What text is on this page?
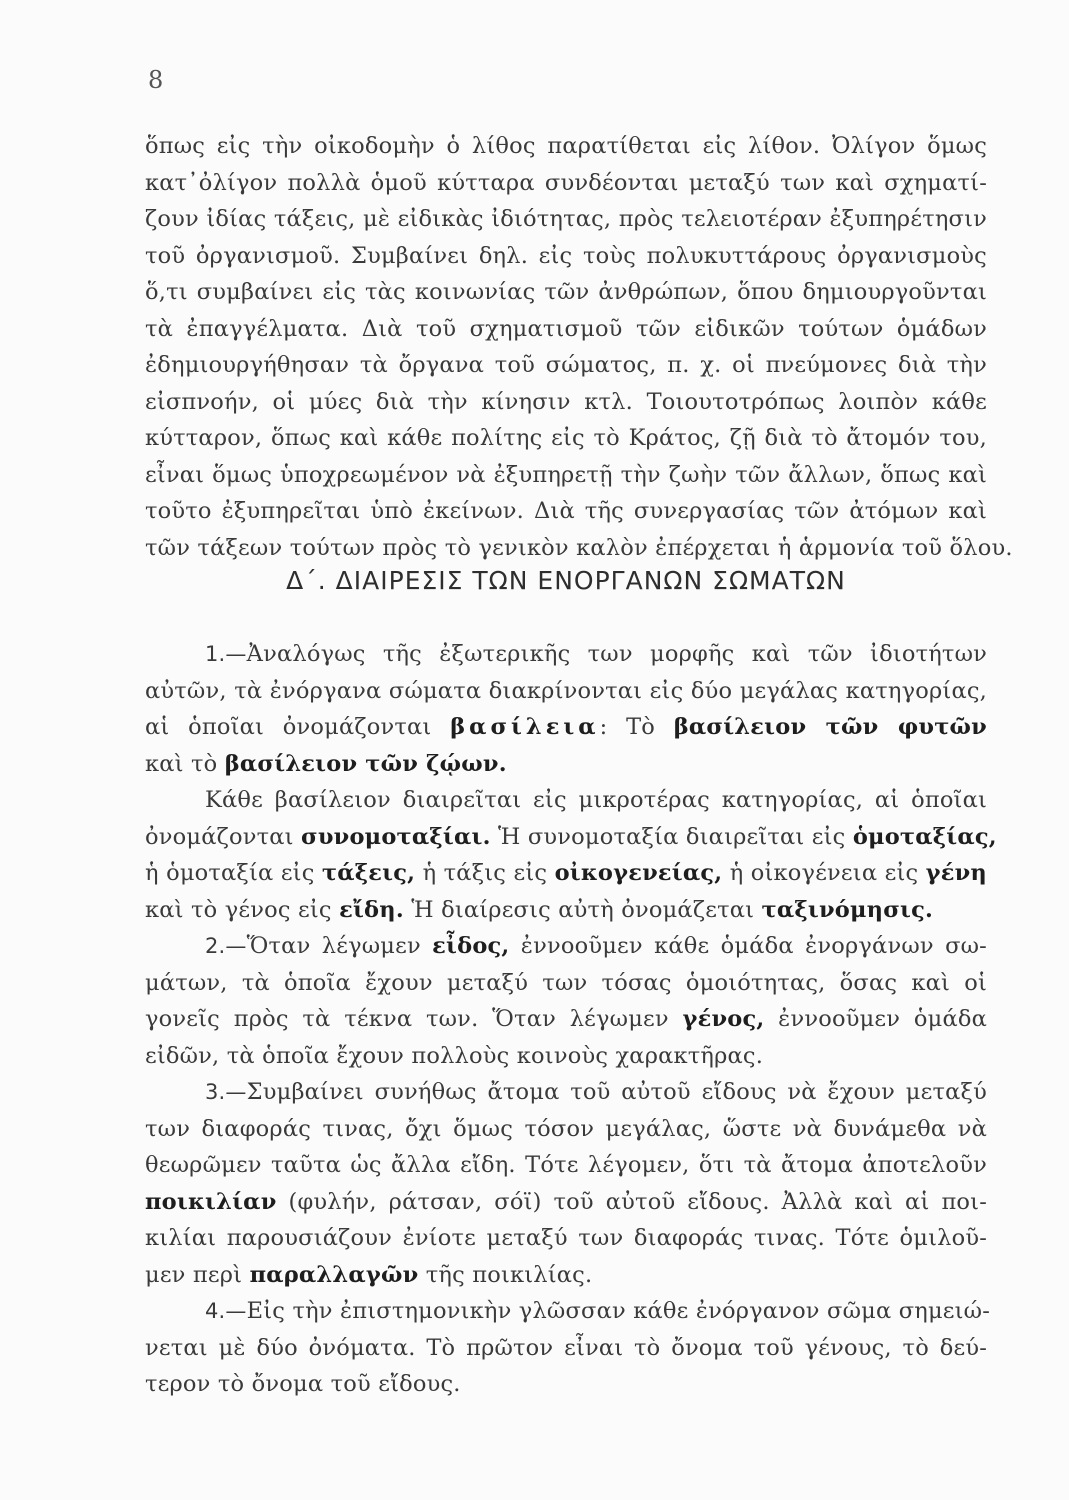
8
ὅπως εἰς τὴν οἰκοδομὴν ὁ λίθος παρατίθεται εἰς λίθον. Ὀλίγον ὅμως
κατ᾽ὀλίγον πολλὰ ὁμοῦ κύτταρα συνδέονται μεταξύ των καὶ σχηματί-
ζουν ἰδίας τάξεις, μὲ εἰδικὰς ἰδιότητας, πρὸς τελειοτέραν ἐξυπηρέτησιν
τοῦ ὀργανισμοῦ. Συμβαίνει δηλ. εἰς τοὺς πολυκυττάρους ὀργανισμοὺς
ὅ,τι συμβαίνει εἰς τὰς κοινωνίας τῶν ἀνθρώπων, ὅπου δημιουργοῦνται
τὰ ἐπαγγέλματα. Διὰ τοῦ σχηματισμοῦ τῶν εἰδικῶν τούτων ὁμάδων
ἐδημιουργήθησαν τὰ ὄργανα τοῦ σώματος, π. χ. οἱ πνεύμονες διὰ τὴν
εἰσπνοήν, οἱ μύες διὰ τὴν κίνησιν κτλ. Τοιουτοτρόπως λοιπὸν κάθε
κύτταρον, ὅπως καὶ κάθε πολίτης εἰς τὸ Κράτος, ζῇ διὰ τὸ ἄτομόν του,
εἶναι ὅμως ὑποχρεωμένον νὰ ἐξυπηρετῇ τὴν ζωὴν τῶν ἄλλων, ὅπως καὶ
τοῦτο ἐξυπηρεῖται ὑπὸ ἐκείνων. Διὰ τῆς συνεργασίας τῶν ἀτόμων καὶ
τῶν τάξεων τούτων πρὸς τὸ γενικὸν καλὸν ἐπέρχεται ἡ ἁρμονία τοῦ ὅλου.
Δ΄. ΔΙΑΙΡΕΣΙΣ ΤΩΝ ΕΝΟΡΓΑΝΩΝ ΣΩΜΑΤΩΝ
1.—Ἀναλόγως τῆς ἐξωτερικῆς των μορφῆς καὶ τῶν ἰδιοτήτων
αὐτῶν, τὰ ἐνόργανα σώματα διακρίνονται εἰς δύο μεγάλας κατηγορίας,
αἱ ὁποῖαι ὀνομάζονται βασίλεια: Τὸ βασίλειον τῶν φυτῶν
καὶ τὸ βασίλειον τῶν ζῴων.
Κάθε βασίλειον διαιρεῖται εἰς μικροτέρας κατηγορίας, αἱ ὁποῖαι
ὀνομάζονται συνομοταξίαι. Ἡ συνομοταξία διαιρεῖται εἰς ὁμοταξίας,
ἡ ὁμοταξία εἰς τάξεις, ἡ τάξις εἰς οἰκογενείας, ἡ οἰκογένεια εἰς γένη
καὶ τὸ γένος εἰς εἴδη. Ἡ διαίρεσις αὐτὴ ὀνομάζεται ταξινόμησις.
2.—Ὅταν λέγωμεν εἶδος, ἐννοοῦμεν κάθε ὁμάδα ἐνοργάνων σω-
μάτων, τὰ ὁποῖα ἔχουν μεταξύ των τόσας ὁμοιότητας, ὅσας καὶ οἱ
γονεῖς πρὸς τὰ τέκνα των. Ὅταν λέγωμεν γένος, ἐννοοῦμεν ὁμάδα
εἰδῶν, τὰ ὁποῖα ἔχουν πολλοὺς κοινοὺς χαρακτῆρας.
3.—Συμβαίνει συνήθως ἄτομα τοῦ αὐτοῦ εἴδους νὰ ἔχουν μεταξύ
των διαφοράς τινας, ὄχι ὅμως τόσον μεγάλας, ὥστε νὰ δυνάμεθα νὰ
θεωρῶμεν ταῦτα ὡς ἄλλα εἴδη. Τότε λέγομεν, ὅτι τὰ ἄτομα ἀποτελοῦν
ποικιλίαν (φυλήν, ράτσαν, σόϊ) τοῦ αὐτοῦ εἴδους. Ἀλλὰ καὶ αἱ ποι-
κιλίαι παρουσιάζουν ἐνίοτε μεταξύ των διαφοράς τινας. Τότε ὁμιλοῦ-
μεν περὶ παραλλαγῶν τῆς ποικιλίας.
4.—Εἰς τὴν ἐπιστημονικὴν γλῶσσαν κάθε ἐνόργανον σῶμα σημειώ-
νεται μὲ δύο ὀνόματα. Τὸ πρῶτον εἶναι τὸ ὄνομα τοῦ γένους, τὸ δεύ-
τερον τὸ ὄνομα τοῦ εἴδους.
